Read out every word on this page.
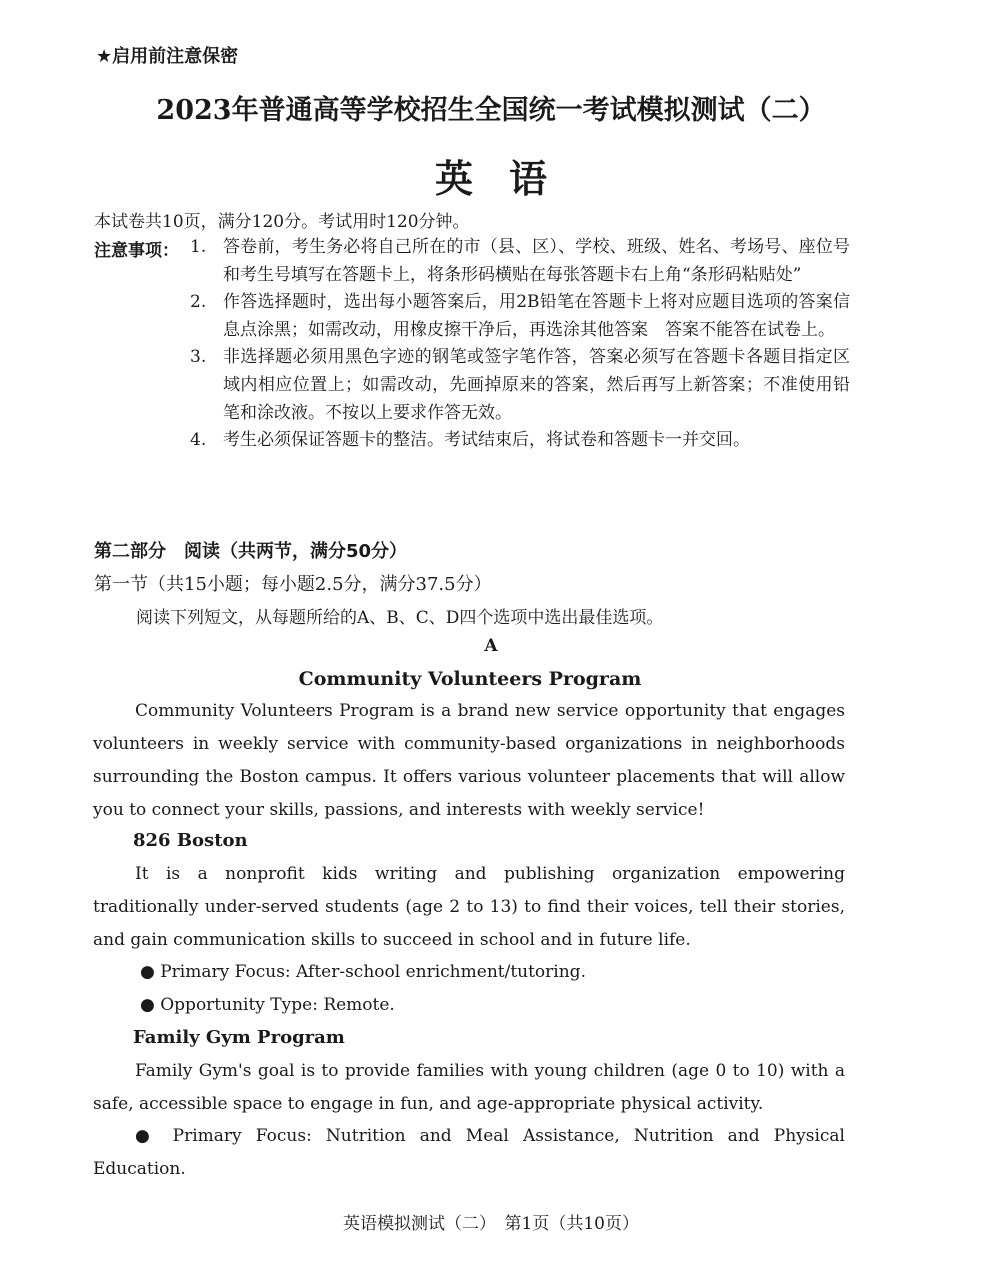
★启用前注意保密
2023年普通高等学校招生全国统一考试模拟测试（二）
英语
本试卷共10页，满分120分。考试用时120分钟。
注意事项： 1. 答卷前，考生务必将自己所在的市（县、区）、学校、班级、姓名、考场号、座位号和考生号填写在答题卡上，将条形码横贴在每张答题卡右上角“条形码粘贴处”
2. 作答选择题时，选出每小题答案后，用2B铅笔在答题卡上将对应题目选项的答案信息点涂黑；如需改动，用橡皮擦干净后，再选涂其他答案　答案不能答在试卷上。
3. 非选择题必须用黑色字迹的钢笔或签字笔作答，答案必须写在答题卡各题目指定区域内相应位置上；如需改动，先画掉原来的答案，然后再写上新答案；不准使用铅笔和涂改液。不按以上要求作答无效。
4. 考生必须保证答题卡的整洁。考试结束后，将试卷和答题卡一并交回。
第二部分　阅读（共两节，满分50分）
第一节（共15小题；每小题2.5分，满分37.5分）
阅读下列短文，从每题所给的A、B、C、D四个选项中选出最佳选项。
A
Community Volunteers Program
Community Volunteers Program is a brand new service opportunity that engages volunteers in weekly service with community-based organizations in neighborhoods surrounding the Boston campus. It offers various volunteer placements that will allow you to connect your skills, passions, and interests with weekly service!
826 Boston
It is a nonprofit kids writing and publishing organization empowering traditionally under-served students (age 2 to 13) to find their voices, tell their stories, and gain communication skills to succeed in school and in future life.
● Primary Focus: After-school enrichment/tutoring.
● Opportunity Type: Remote.
Family Gym Program
Family Gym's goal is to provide families with young children (age 0 to 10) with a safe, accessible space to engage in fun, and age-appropriate physical activity.
● Primary Focus: Nutrition and Meal Assistance, Nutrition and Physical Education.
英语模拟测试（二）　第1页（共10页）
